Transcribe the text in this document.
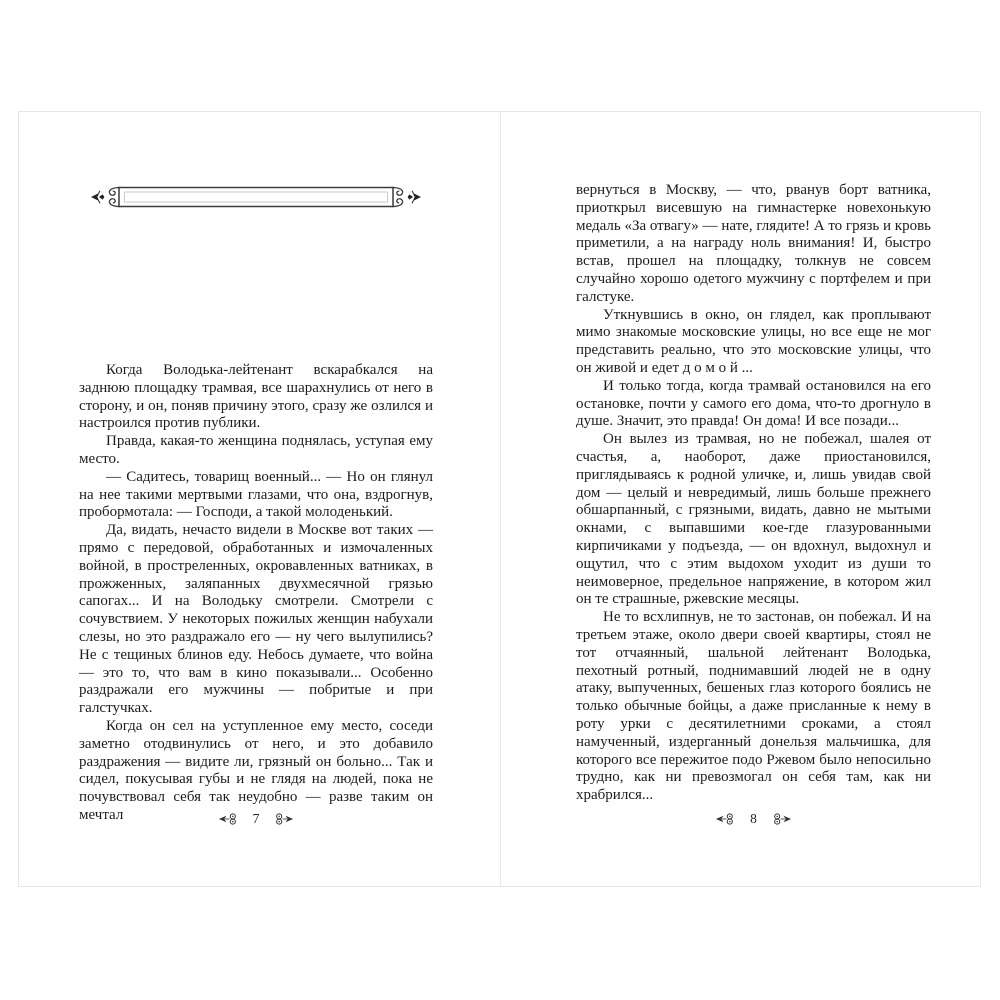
Когда Володька-лейтенант вскарабкался на заднюю площадку трамвая, все шарахнулись от него в сторону, и он, поняв причину этого, сразу же озлился и настроился против публики.

Правда, какая-то женщина поднялась, уступая ему место.

— Садитесь, товарищ военный... — Но он глянул на нее такими мертвыми глазами, что она, вздрогнув, пробормотала: — Господи, а такой молоденький.

Да, видать, нечасто видели в Москве вот таких — прямо с передовой, обработанных и измочаленных войной, в простреленных, окровавленных ватниках, в прожженных, заляпанных двухмесячной грязью сапогах... И на Володьку смотрели. Смотрели с сочувствием. У некоторых пожилых женщин набухали слезы, но это раздражало его — ну чего вылупились? Не с тещиных блинов еду. Небось думаете, что война — это то, что вам в кино показывали... Особенно раздражали его мужчины — побритые и при галстучках.

Когда он сел на уступленное ему место, соседи заметно отодвинулись от него, и это добавило раздражения — видите ли, грязный он больно... Так и сидел, покусывая губы и не глядя на людей, пока не почувствовал себя так неудобно — разве таким он мечтал	7

вернуться в Москву, — что, рванув борт ватника, приоткрыл висевшую на гимнастерке новехонькую медаль «За отвагу» — нате, глядите! А то грязь и кровь приметили, а на награду ноль внимания! И, быстро встав, прошел на площадку, толкнув не совсем случайно хорошо одетого мужчину с портфелем и при галстуке.

Уткнувшись в окно, он глядел, как проплывают мимо знакомые московские улицы, но все еще не мог представить реально, что это московские улицы, что он живой и едет д о м о й ...

И только тогда, когда трамвай остановился на его остановке, почти у самого его дома, что-то дрогнуло в душе. Значит, это правда! Он дома! И все позади...

Он вылез из трамвая, но не побежал, шалея от счастья, а, наоборот, даже приостановился, приглядываясь к родной уличке, и, лишь увидав свой дом — целый и невредимый, лишь больше прежнего обшарпанный, с грязными, видать, давно не мытыми окнами, с выпавшими кое-где глазурованными кирпичиками у подъезда, — он вдохнул, выдохнул и ощутил, что с этим выдохом уходит из души то неимоверное, предельное напряжение, в котором жил он те страшные, ржевские месяцы.

Не то всхлипнув, не то застонав, он побежал. И на третьем этаже, около двери своей квартиры, стоял не тот отчаянный, шальной лейтенант Володька, пехотный ротный, поднимавший людей не в одну атаку, выпученных, бешеных глаз которого боялись не только обычные бойцы, а даже присланные к нему в роту урки с десятилетними сроками, а стоял намученный, издерганный донельзя мальчишка, для которого все пережитое подо Ржевом было непосильно трудно, как ни превозмогал он себя там, как ни храбрился...

8
